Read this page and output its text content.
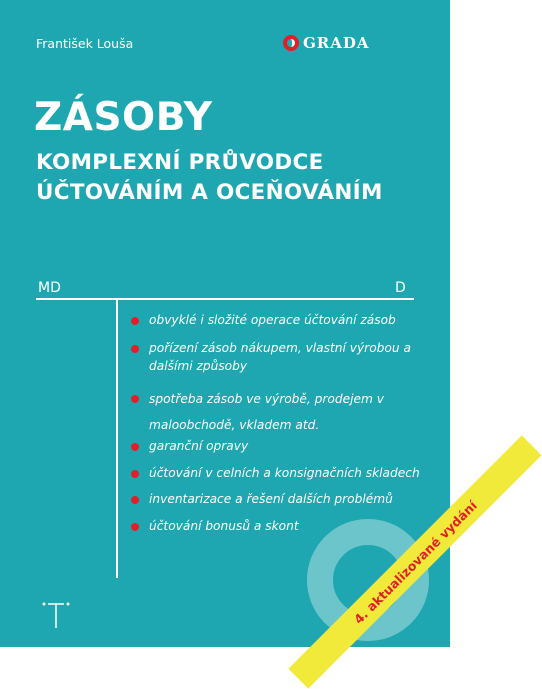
František Louša	GRADA
ZÁSOBY
KOMPLEXNÍ PRŮVODCE
ÚČTOVÁNÍM A OCEŇOVÁNÍM
MD	D
obvyklé i složité operace účtování zásob
pořízení zásob nákupem, vlastní výrobou a dalšími způsoby
spotřeba zásob ve výrobě, prodejem v maloobchodě, vkladem atd.
garanční opravy
účtování v celních a konsignačních skladech
inventarizace a řešení dalších problémů
účtování bonusů a skont	4. aktualizované vydání
